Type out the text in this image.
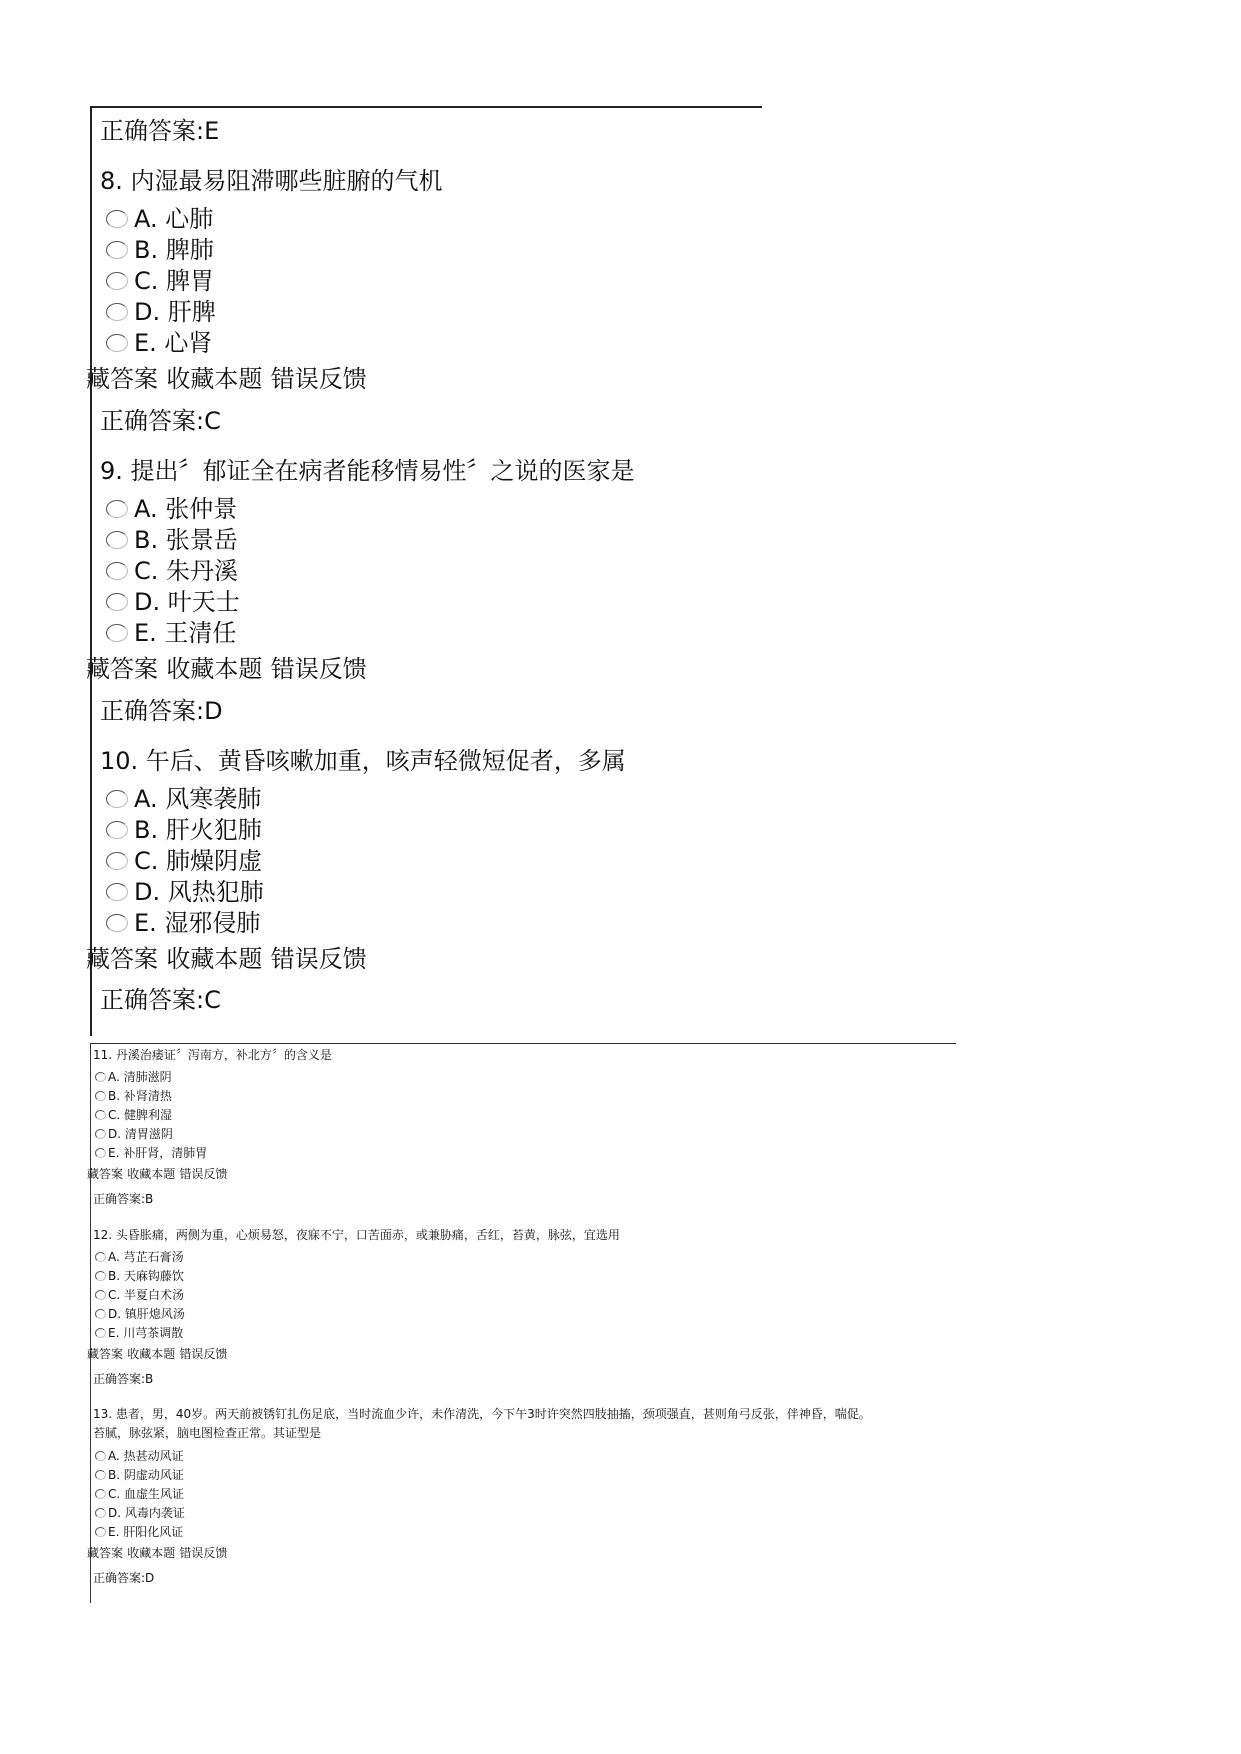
正确答案:E
8. 内湿最易阻滞哪些脏腑的气机
A. 心肺
B. 脾肺
C. 脾胃
D. 肝脾
E. 心肾
藏答案 收藏本题 错误反馈
正确答案:C
9. 提出〞郁证全在病者能移情易性〞之说的医家是
A. 张仲景
B. 张景岳
C. 朱丹溪
D. 叶天士
E. 王清任
藏答案 收藏本题 错误反馈
正确答案:D
10. 午后、黄昏咳嗽加重，咳声轻微短促者，多属
A. 风寒袭肺
B. 肝火犯肺
C. 肺燥阴虚
D. 风热犯肺
E. 湿邪侵肺
藏答案 收藏本题 错误反馈
正确答案:C
11. 丹溪治痿证〞泻南方，补北方〞的含义是
A. 清肺滋阴
B. 补肾清热
C. 健脾利湿
D. 清胃滋阴
E. 补肝肾，清肺胃
藏答案 收藏本题 错误反馈
正确答案:B
12. 头昏胀痛，两侧为重，心烦易怒，夜寐不宁，口苦面赤，或兼胁痛，舌红，苔黄，脉弦，宜选用
A. 芎芷石膏汤
B. 天麻钩藤饮
C. 半夏白术汤
D. 镇肝熄风汤
E. 川芎茶调散
藏答案 收藏本题 错误反馈
正确答案:B
13. 患者，男，40岁。两天前被锈钉扎伤足底，当时流血少许，未作清洗，今下午3时许突然四肢抽搐，颈项强直，甚则角弓反张，伴神昏，喘促。
苔腻，脉弦紧，脑电图检查正常。其证型是
A. 热甚动风证
B. 阴虚动风证
C. 血虚生风证
D. 风毒内袭证
E. 肝阳化风证
藏答案 收藏本题 错误反馈
正确答案:D
